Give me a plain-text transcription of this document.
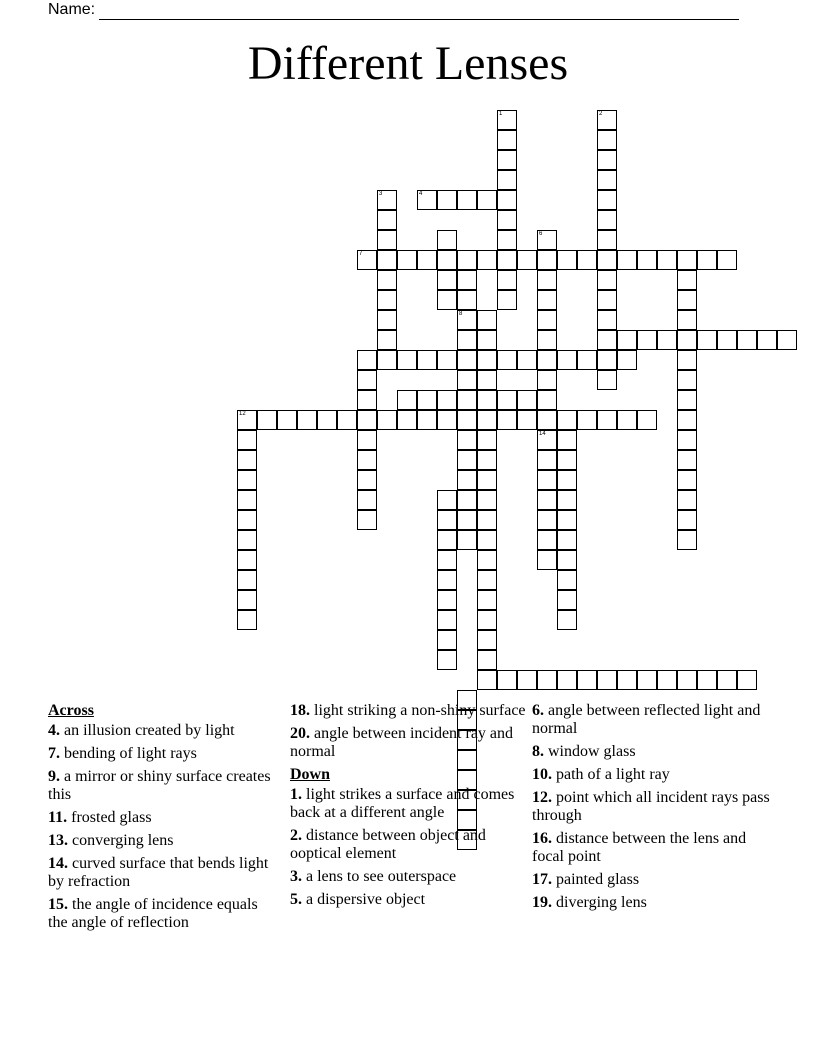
Name:
Different Lenses
1	2
3	4
6
14
7
8
12
Across
4. an illusion created by light
7. bending of light rays
9. a mirror or shiny surface creates this
11. frosted glass
13. converging lens
14. curved surface that bends light by refraction
15. the angle of incidence equals the angle of reflection
18. light striking a non-shiny surface
20. angle between incident ray and normal
Down
1. light strikes a surface and comes back at a different angle
2. distance between object and ooptical element
3. a lens to see outerspace
5. a dispersive object
6. angle between reflected light and normal
8. window glass
10. path of a light ray
12. point which all incident rays pass through
16. distance between the lens and focal point
17. painted glass
19. diverging lens
